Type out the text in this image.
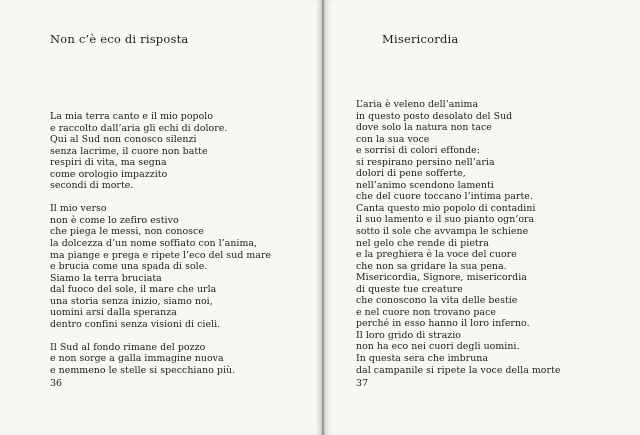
Non c’è eco di risposta
La mia terra canto e il mio popolo
e raccolto dall’aria gli echi di dolore.
Qui al Sud non conosco silenzi
senza lacrime, il cuore non batte
respiri di vita, ma segna
come orologio impazzito
secondi di morte.
Il mio verso
non è come lo zefiro estivo
che piega le messi, non conosce
la dolcezza d’un nome soffiato con l’anima,
ma piange e prega e ripete l’eco del sud mare
e brucia come una spada di sole.
Siamo la terra bruciata
dal fuoco del sole, il mare che urla
una storia senza inizio, siamo noi,
uomini arsi dalla speranza
dentro confini senza visioni di cieli.
Il Sud al fondo rimane del pozzo
e non sorge a galla immagine nuova
e nemmeno le stelle si specchiano più.
36
Misericordia
L’aria è veleno dell’anima
in questo posto desolato del Sud
dove solo la natura non tace
con la sua voce
e sorrisi di colori effonde:
si respirano persino nell’aria
dolori di pene sofferte,
nell’animo scendono lamenti
che del cuore toccano l’intima parte.
Canta questo mio popolo di contadini
il suo lamento e il suo pianto ogn’ora
sotto il sole che avvampa le schiene
nel gelo che rende di pietra
e la preghiera è la voce del cuore
che non sa gridare la sua pena.
Misericordia, Signore, misericordia
di queste tue creature
che conoscono la vita delle bestie
e nel cuore non trovano pace
perché in esso hanno il loro inferno.
Il loro grido di strazio
non ha eco nei cuori degli uomini.
In questa sera che imbruna
dal campanile si ripete la voce della morte
37
